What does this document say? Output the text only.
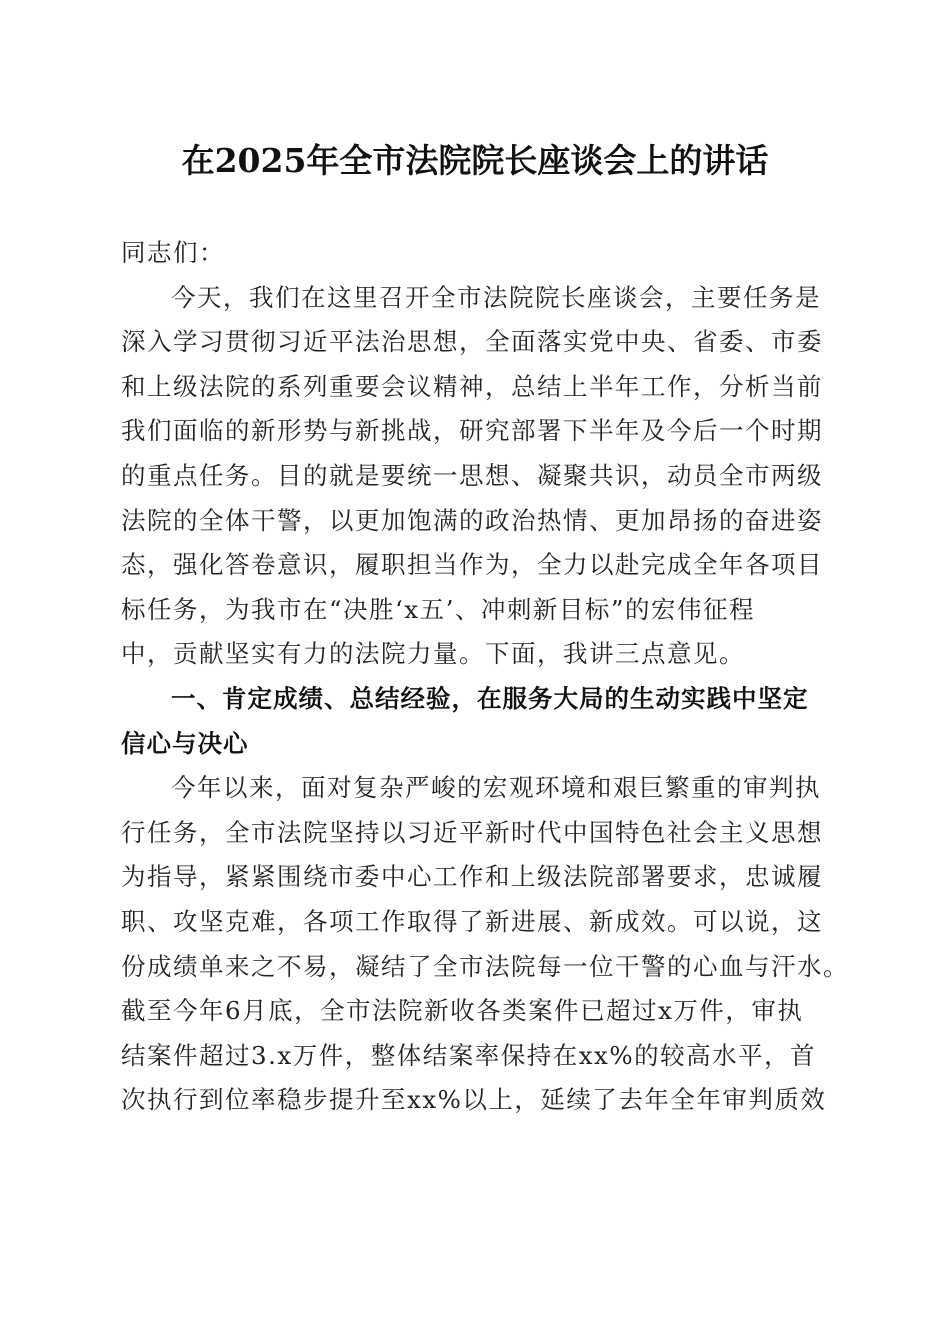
在2025年全市法院院长座谈会上的讲话
同志们：
今天，我们在这里召开全市法院院长座谈会，主要任务是
深入学习贯彻习近平法治思想，全面落实党中央、省委、市委
和上级法院的系列重要会议精神，总结上半年工作，分析当前
我们面临的新形势与新挑战，研究部署下半年及今后一个时期
的重点任务。目的就是要统一思想、凝聚共识，动员全市两级
法院的全体干警，以更加饱满的政治热情、更加昂扬的奋进姿
态，强化答卷意识，履职担当作为，全力以赴完成全年各项目
标任务，为我市在“决胜‘x五’、冲刺新目标”的宏伟征程
中，贡献坚实有力的法院力量。下面，我讲三点意见。
一、肯定成绩、总结经验，在服务大局的生动实践中坚定
信心与决心
今年以来，面对复杂严峻的宏观环境和艰巨繁重的审判执
行任务，全市法院坚持以习近平新时代中国特色社会主义思想
为指导，紧紧围绕市委中心工作和上级法院部署要求，忠诚履
职、攻坚克难，各项工作取得了新进展、新成效。可以说，这
份成绩单来之不易，凝结了全市法院每一位干警的心血与汗水。
截至今年6月底，全市法院新收各类案件已超过x万件，审执
结案件超过3.x万件，整体结案率保持在xx%的较高水平，首
次执行到位率稳步提升至xx%以上，延续了去年全年审判质效
